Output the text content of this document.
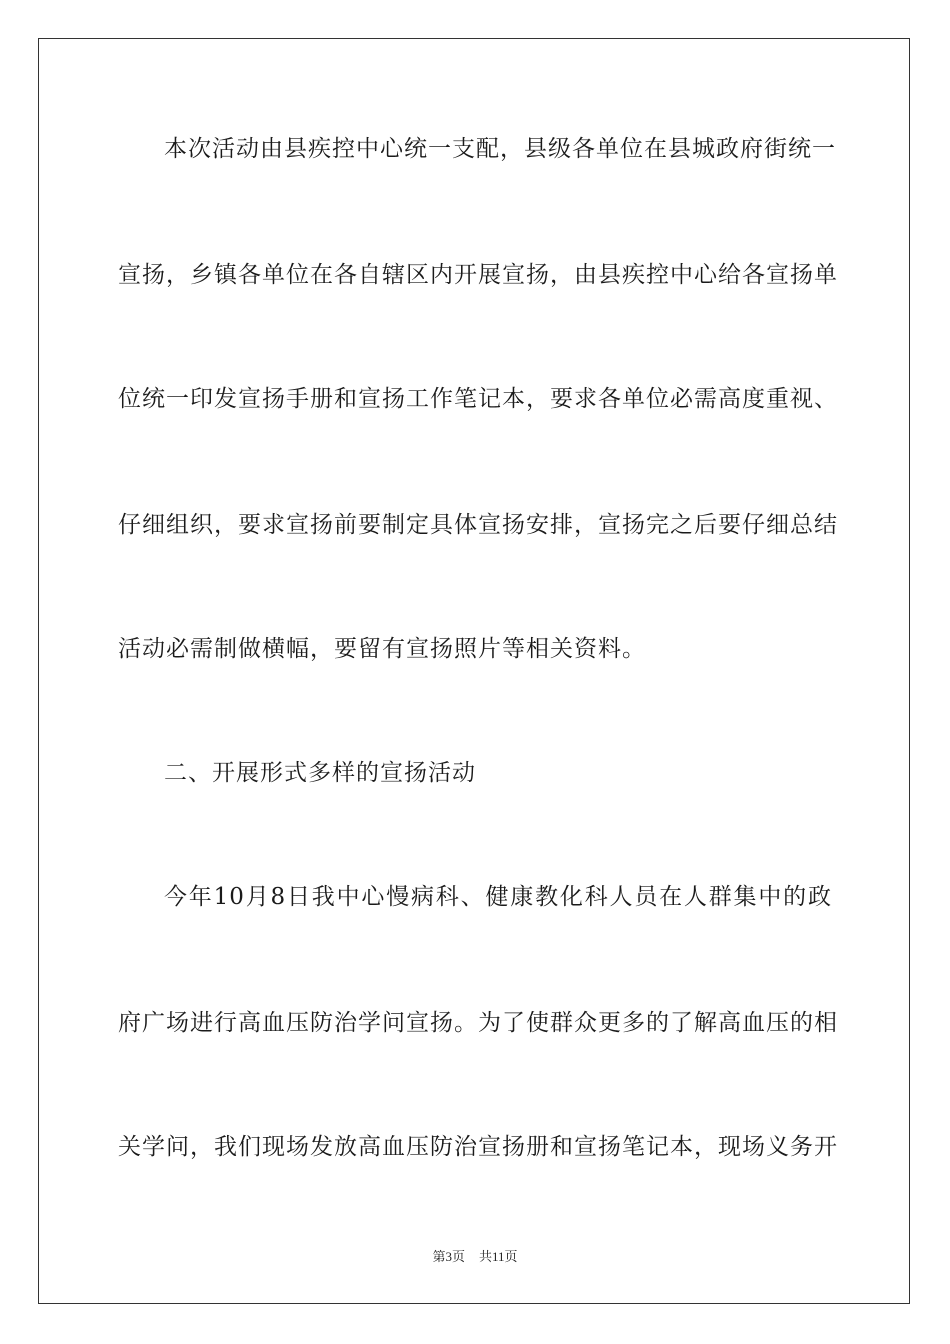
本次活动由县疾控中心统一支配，县级各单位在县城政府街统一
宣扬，乡镇各单位在各自辖区内开展宣扬，由县疾控中心给各宣扬单
位统一印发宣扬手册和宣扬工作笔记本，要求各单位必需高度重视、
仔细组织，要求宣扬前要制定具体宣扬安排，宣扬完之后要仔细总结
活动必需制做横幅，要留有宣扬照片等相关资料。
二、开展形式多样的宣扬活动
今年10月8日我中心慢病科、健康教化科人员在人群集中的政
府广场进行高血压防治学问宣扬。为了使群众更多的了解高血压的相
关学问，我们现场发放高血压防治宣扬册和宣扬笔记本，现场义务开
第3页 共11页
